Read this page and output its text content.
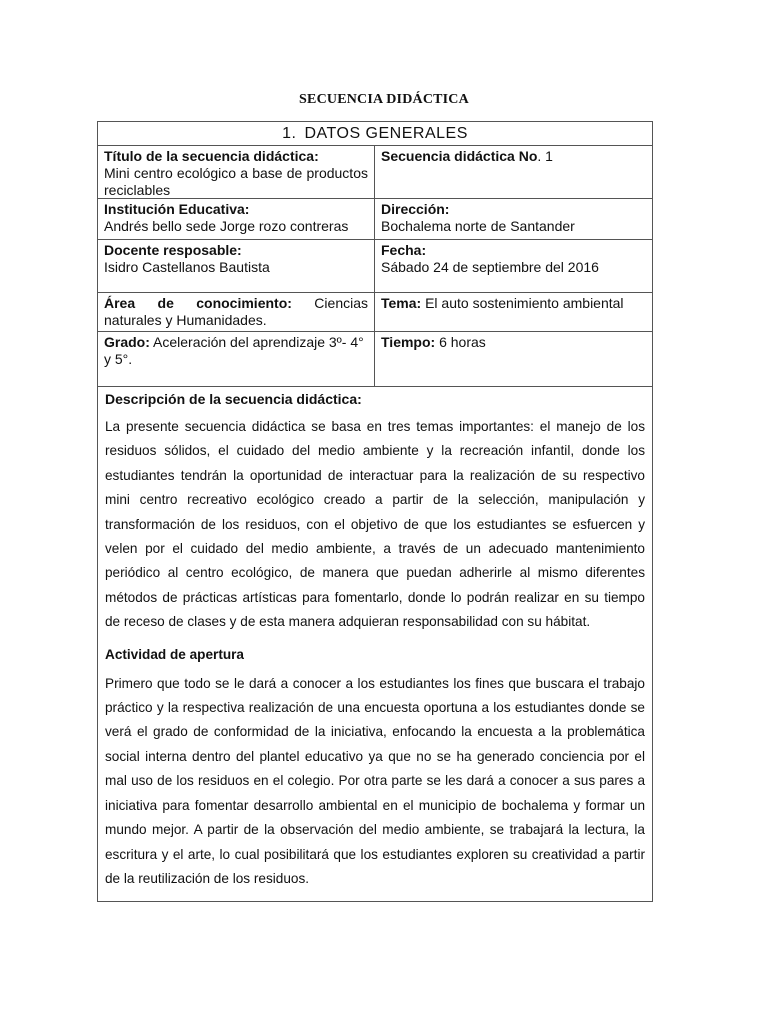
SECUENCIA DIDÁCTICA
1. DATOS GENERALES
Título de la secuencia didáctica:
Mini centro ecológico a base de productos reciclables
Secuencia didáctica No. 1
Institución Educativa:
Andrés bello sede Jorge rozo contreras
Dirección:
Bochalema norte de Santander
Docente resposable:
Isidro Castellanos Bautista
Fecha:
Sábado 24 de septiembre del 2016
Área de conocimiento: Ciencias naturales y Humanidades.
Tema: El auto sostenimiento ambiental
Grado: Aceleración del aprendizaje 3º- 4° y 5°.
Tiempo: 6 horas
Descripción de la secuencia didáctica:

La presente secuencia didáctica se basa en tres temas importantes: el manejo de los residuos sólidos, el cuidado del medio ambiente y la recreación infantil, donde los estudiantes tendrán la oportunidad de interactuar para la realización de su respectivo mini centro recreativo ecológico creado a partir de la selección, manipulación y transformación de los residuos, con el objetivo de que los estudiantes se esfuercen y velen por el cuidado del medio ambiente, a través de un adecuado mantenimiento periódico al centro ecológico, de manera que puedan adherirle al mismo diferentes métodos de prácticas artísticas para fomentarlo, donde lo podrán realizar en su tiempo de receso de clases y de esta manera adquieran responsabilidad con su hábitat.

Actividad de apertura

Primero que todo se le dará a conocer a los estudiantes los fines que buscara el trabajo práctico y la respectiva realización de una encuesta oportuna a los estudiantes donde se verá el grado de conformidad de la iniciativa, enfocando la encuesta a la problemática social interna dentro del plantel educativo ya que no se ha generado conciencia por el mal uso de los residuos en el colegio. Por otra parte se les dará a conocer a sus pares a iniciativa para fomentar desarrollo ambiental en el municipio de bochalema y formar un mundo mejor. A partir de la observación del medio ambiente, se trabajará la lectura, la escritura y el arte, lo cual posibilitará que los estudiantes exploren su creatividad a partir de la reutilización de los residuos.
